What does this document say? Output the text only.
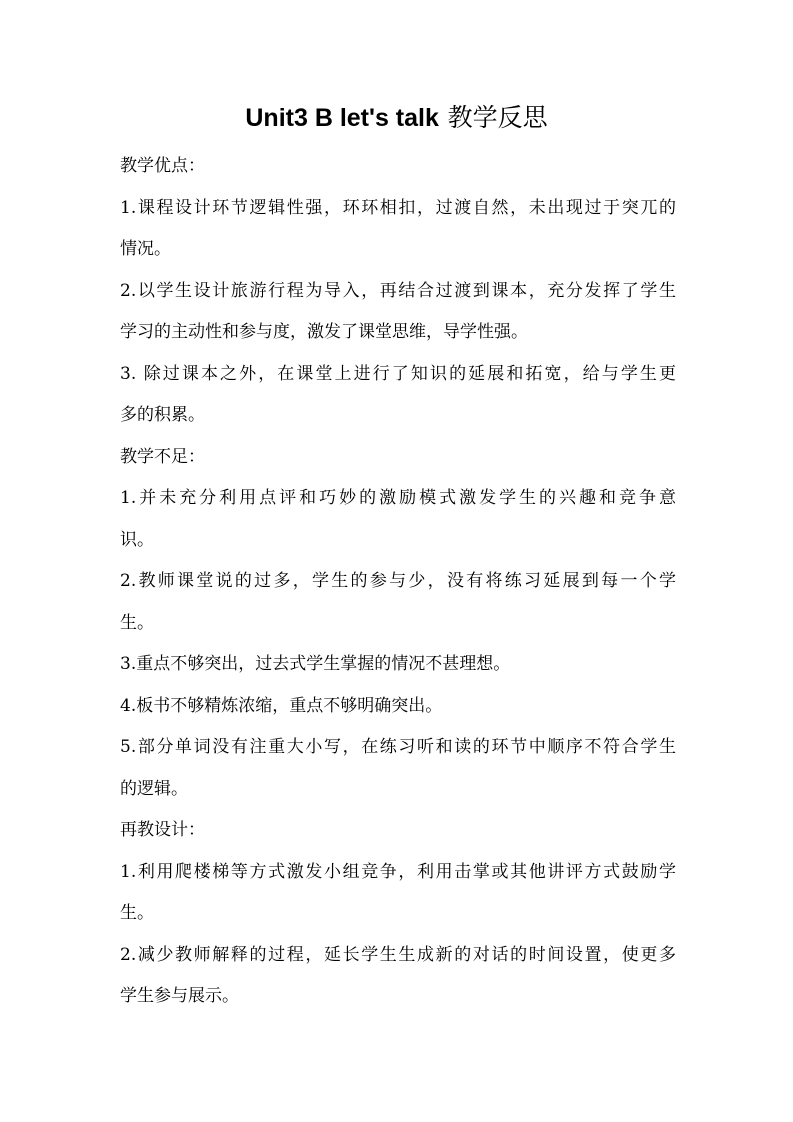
Unit3 B let's talk 教学反思
教学优点：
1.课程设计环节逻辑性强，环环相扣，过渡自然，未出现过于突兀的
情况。
2.以学生设计旅游行程为导入，再结合过渡到课本，充分发挥了学生
学习的主动性和参与度，激发了课堂思维，导学性强。
3. 除过课本之外，在课堂上进行了知识的延展和拓宽，给与学生更
多的积累。
教学不足：
1.并未充分利用点评和巧妙的激励模式激发学生的兴趣和竞争意
识。
2.教师课堂说的过多，学生的参与少，没有将练习延展到每一个学
生。
3.重点不够突出，过去式学生掌握的情况不甚理想。
4.板书不够精炼浓缩，重点不够明确突出。
5.部分单词没有注重大小写，在练习听和读的环节中顺序不符合学生
的逻辑。
再教设计：
1.利用爬楼梯等方式激发小组竞争，利用击掌或其他讲评方式鼓励学
生。
2.减少教师解释的过程，延长学生生成新的对话的时间设置，使更多
学生参与展示。
